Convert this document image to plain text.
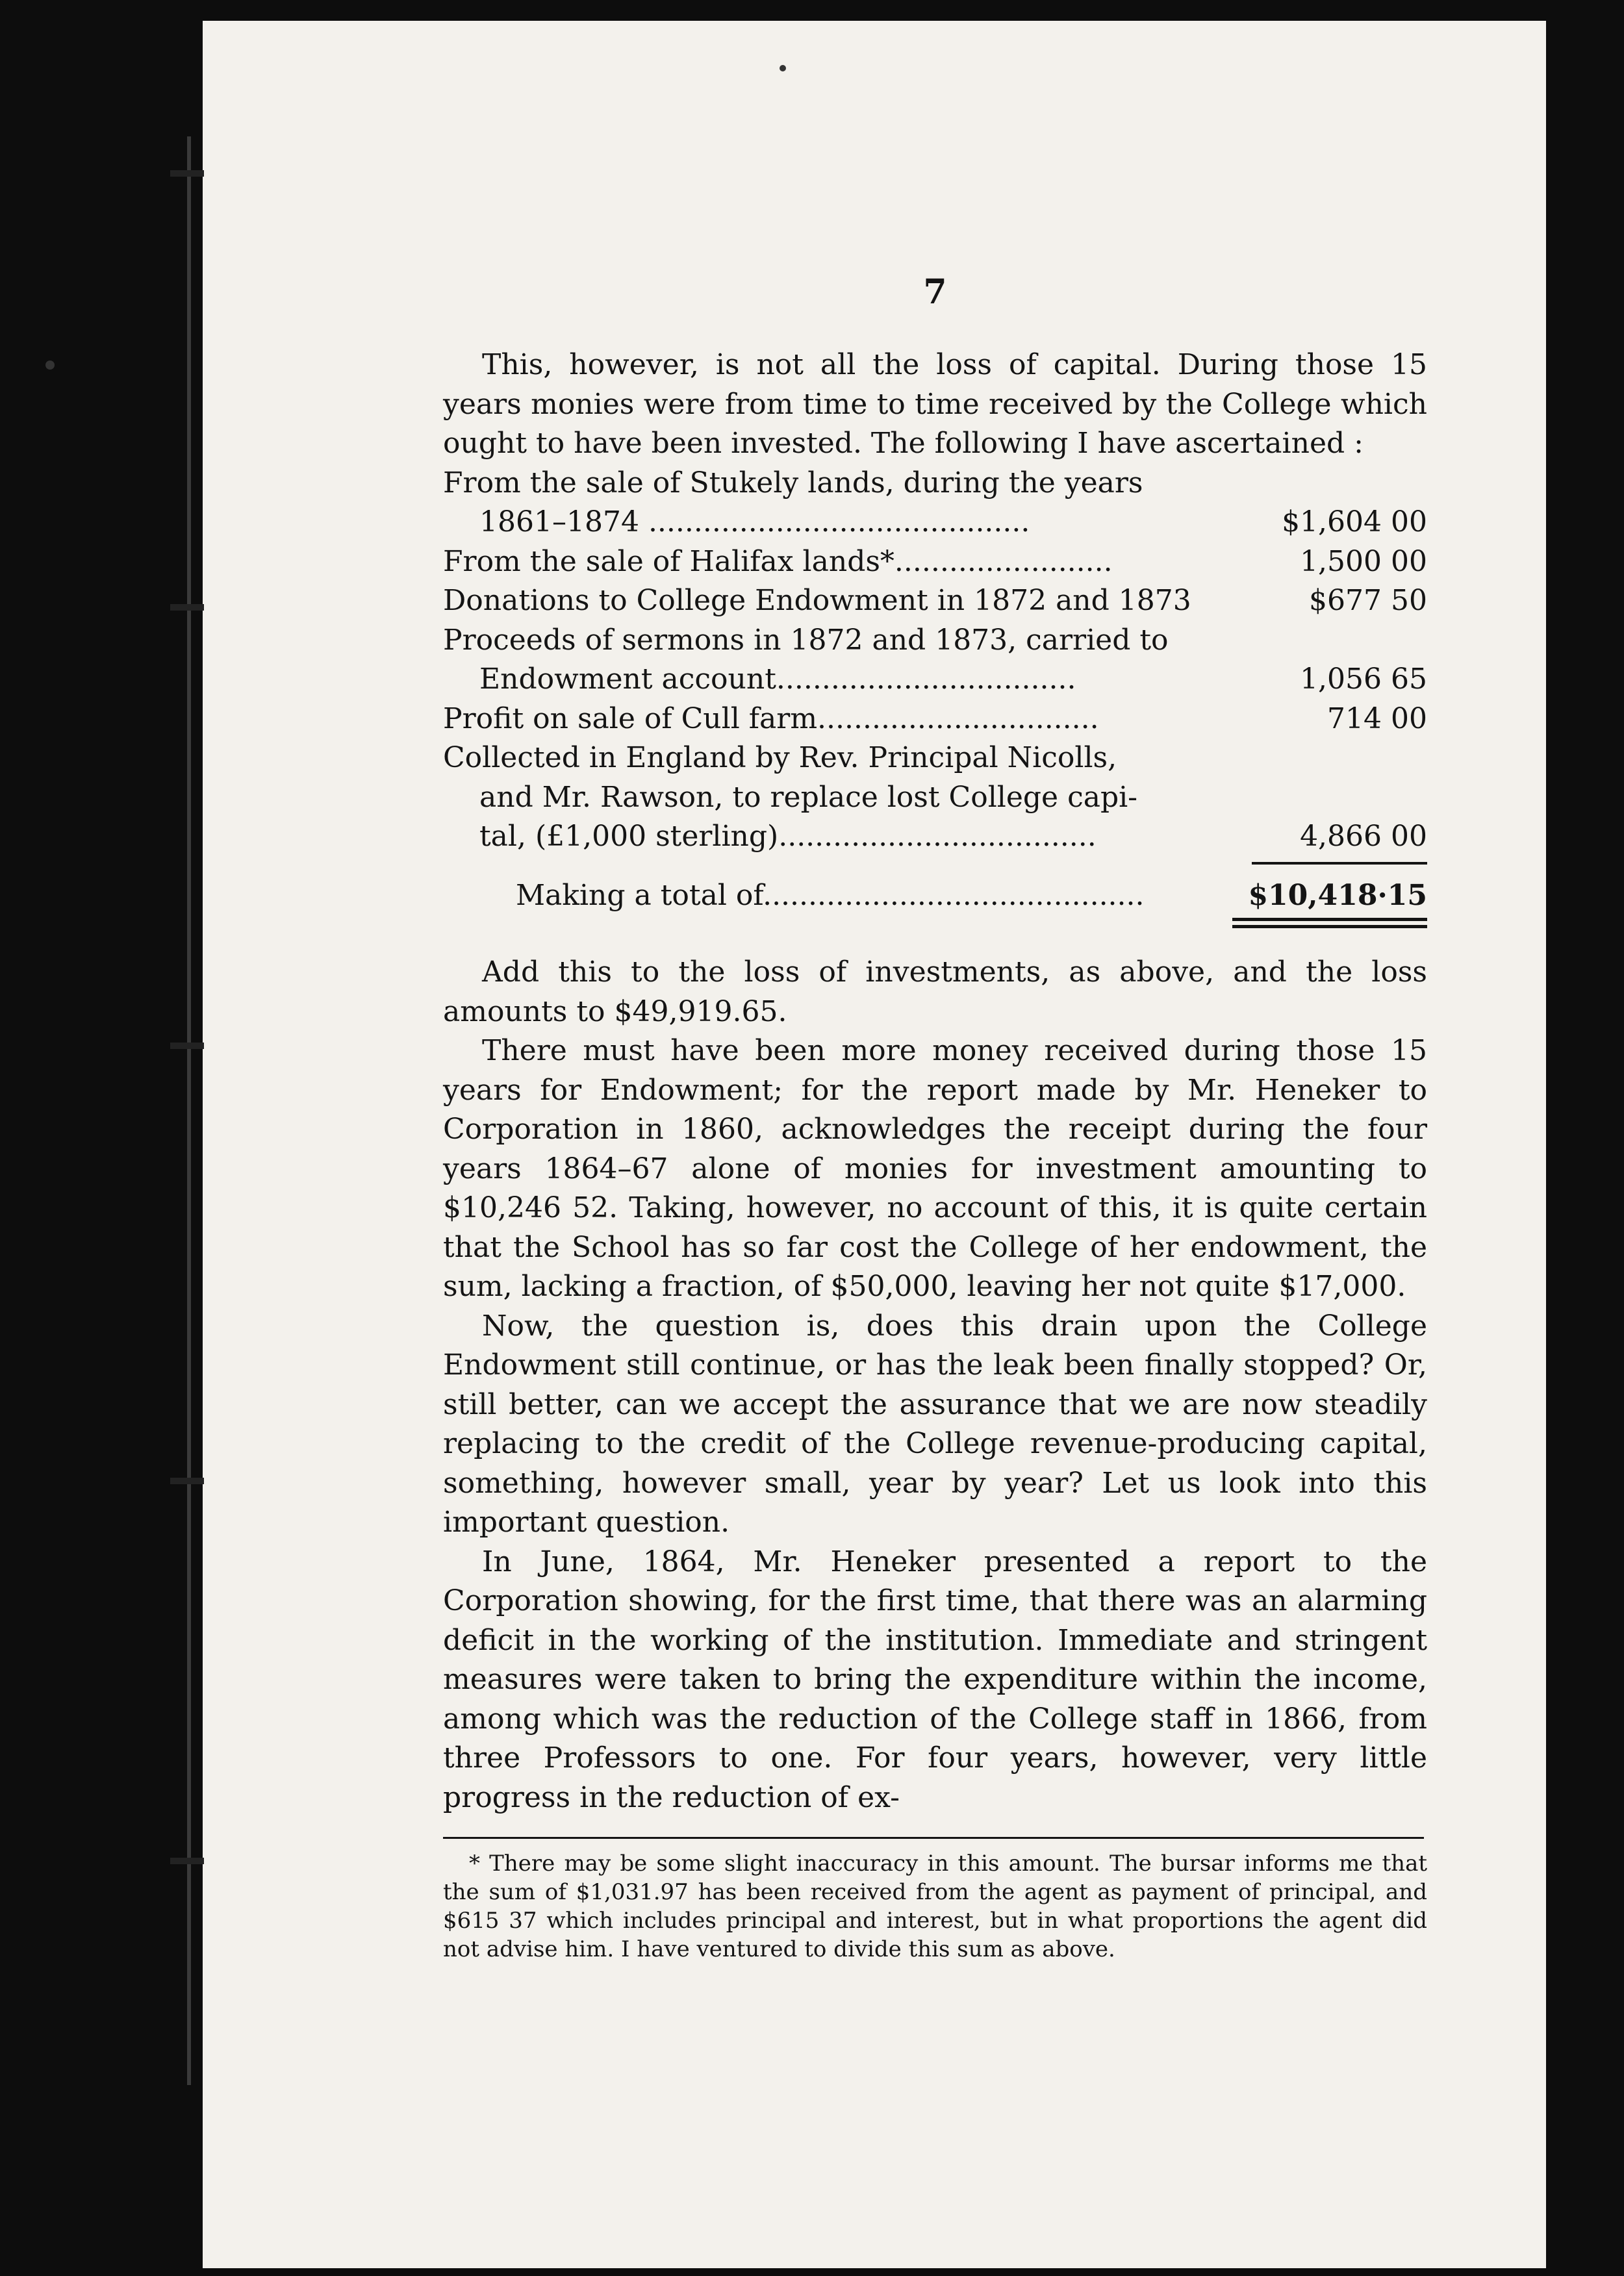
7

This, however, is not all the loss of capital. During those 15 years monies were from time to time received by the College which ought to have been invested. The following I have ascertained :

From the sale of Stukely lands, during the years
1861–1874 ..........................................	$1,604 00
From the sale of Halifax lands*........................	1,500 00
Donations to College Endowment in 1872 and 1873	$677 50
Proceeds of sermons in 1872 and 1873, carried to
Endowment account.................................	1,056 65
Profit on sale of Cull farm...............................	714 00
Collected in England by Rev. Principal Nicolls,
and Mr. Rawson, to replace lost College capi-
tal, (£1,000 sterling)...................................	4,866 00
Making a total of..........................................	$10,418·15

Add this to the loss of investments, as above, and the loss amounts to $49,919.65.

There must have been more money received during those 15 years for Endowment; for the report made by Mr. Heneker to Corporation in 1860, acknowledges the receipt during the four years 1864–67 alone of monies for investment amounting to $10,246 52. Taking, however, no account of this, it is quite certain that the School has so far cost the College of her endowment, the sum, lacking a fraction, of $50,000, leaving her not quite $17,000.

Now, the question is, does this drain upon the College Endowment still continue, or has the leak been finally stopped? Or, still better, can we accept the assurance that we are now steadily replacing to the credit of the College revenue-producing capital, something, however small, year by year? Let us look into this important question.

In June, 1864, Mr. Heneker presented a report to the Corporation showing, for the first time, that there was an alarming deficit in the working of the institution. Immediate and stringent measures were taken to bring the expenditure within the income, among which was the reduction of the College staff in 1866, from three Professors to one. For four years, however, very little progress in the reduction of ex-

* There may be some slight inaccuracy in this amount. The bursar informs me that the sum of $1,031.97 has been received from the agent as payment of principal, and $615 37 which includes principal and interest, but in what proportions the agent did not advise him. I have ventured to divide this sum as above.
